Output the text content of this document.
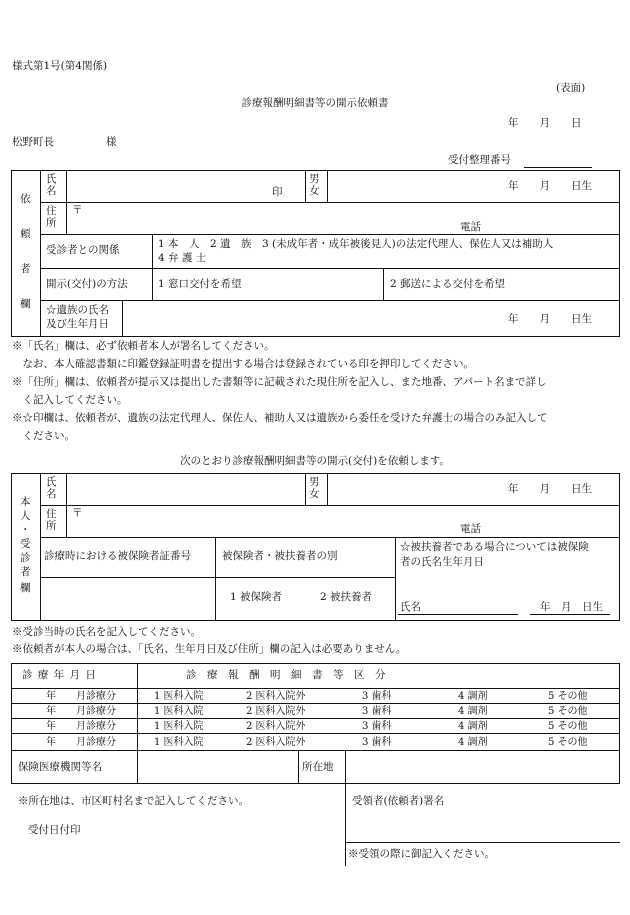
様式第1号(第4関係)
(表面)
診療報酬明細書等の開示依頼書
年　　月　　日
松野町長	様
受付整理番号
依
頼
者
欄
氏名	印
男女	年　　月　　日生
住所
〒
電話
受診者との関係	1 本　人　2 遺　族　3 (未成年者・成年被後見人)の法定代理人、保佐人又は補助人
4 弁 護 士
開示(交付)の方法	1 窓口交付を希望	2 郵送による交付を希望
☆遺族の氏名
及び生年月日	年　　月　　日生
※「氏名」欄は、必ず依頼者本人が署名してください。
　なお、本人確認書類に印鑑登録証明書を提出する場合は登録されている印を押印してください。
※「住所」欄は、依頼者が提示又は提出した書類等に記載された現住所を記入し、また地番、アパート名まで詳し
　く記入してください。
※☆印欄は、依頼者が、遺族の法定代理人、保佐人、補助人又は遺族から委任を受けた弁護士の場合のみ記入して
　ください。
次のとおり診療報酬明細書等の開示(交付)を依頼します。
本
人
・
受
診
者
欄
氏名
男女	年　　月　　日生
住所
〒
電話
診療時における被保険者証番号	被保険者・被扶養者の別
☆被扶養者である場合については被保険
者の氏名生年月日
1 被保険者	2 被扶養者
氏名	年　月　日生
※受診当時の氏名を記入してください。
※依頼者が本人の場合は、「氏名、生年月日及び住所」欄の記入は必要ありません。
診 療 年 月 日	診　療　報　酬　明　細　書　等　区　分
年　　月診療分	1 医科入院	2 医科入院外	3 歯科	4 調剤	5 その他
年　　月診療分	1 医科入院	2 医科入院外	3 歯科	4 調剤	5 その他
年　　月診療分	1 医科入院	2 医科入院外	3 歯科	4 調剤	5 その他
年　　月診療分	1 医科入院	2 医科入院外	3 歯科	4 調剤	5 その他
保険医療機関等名	所在地
※所在地は、市区町村名まで記入してください。
受付日付印
受領者(依頼者)署名
※受領の際に御記入ください。
